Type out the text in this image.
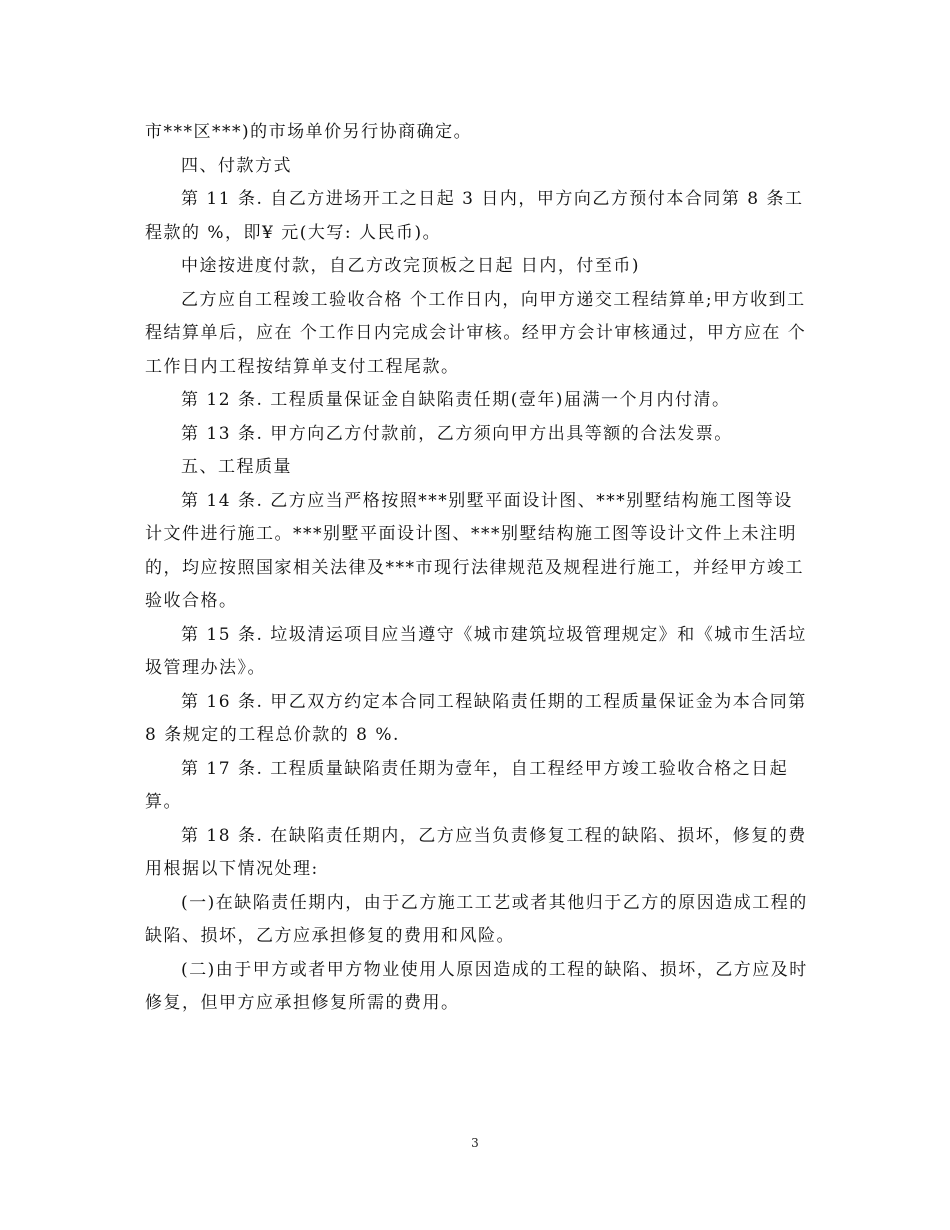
市***区***)的市场单价另行协商确定。

四、付款方式

第 11 条. 自乙方进场开工之日起 3 日内，甲方向乙方预付本合同第 8 条工程款的 %，即¥ 元(大写: 人民币)。

中途按进度付款，自乙方改完顶板之日起 日内，付至币)

乙方应自工程竣工验收合格 个工作日内，向甲方递交工程结算单;甲方收到工程结算单后，应在 个工作日内完成会计审核。经甲方会计审核通过，甲方应在 个工作日内工程按结算单支付工程尾款。

第 12 条. 工程质量保证金自缺陷责任期(壹年)届满一个月内付清。

第 13 条. 甲方向乙方付款前，乙方须向甲方出具等额的合法发票。

五、工程质量

第 14 条. 乙方应当严格按照***别墅平面设计图、***别墅结构施工图等设计文件进行施工。***别墅平面设计图、***别墅结构施工图等设计文件上未注明的，均应按照国家相关法律及***市现行法律规范及规程进行施工，并经甲方竣工验收合格。

第 15 条. 垃圾清运项目应当遵守《城市建筑垃圾管理规定》和《城市生活垃圾管理办法》。

第 16 条. 甲乙双方约定本合同工程缺陷责任期的工程质量保证金为本合同第 8 条规定的工程总价款的 8 %.

第 17 条. 工程质量缺陷责任期为壹年，自工程经甲方竣工验收合格之日起算。

第 18 条. 在缺陷责任期内，乙方应当负责修复工程的缺陷、损坏，修复的费用根据以下情况处理:

(一)在缺陷责任期内，由于乙方施工工艺或者其他归于乙方的原因造成工程的缺陷、损坏，乙方应承担修复的费用和风险。

(二)由于甲方或者甲方物业使用人原因造成的工程的缺陷、损坏，乙方应及时修复，但甲方应承担修复所需的费用。

3
